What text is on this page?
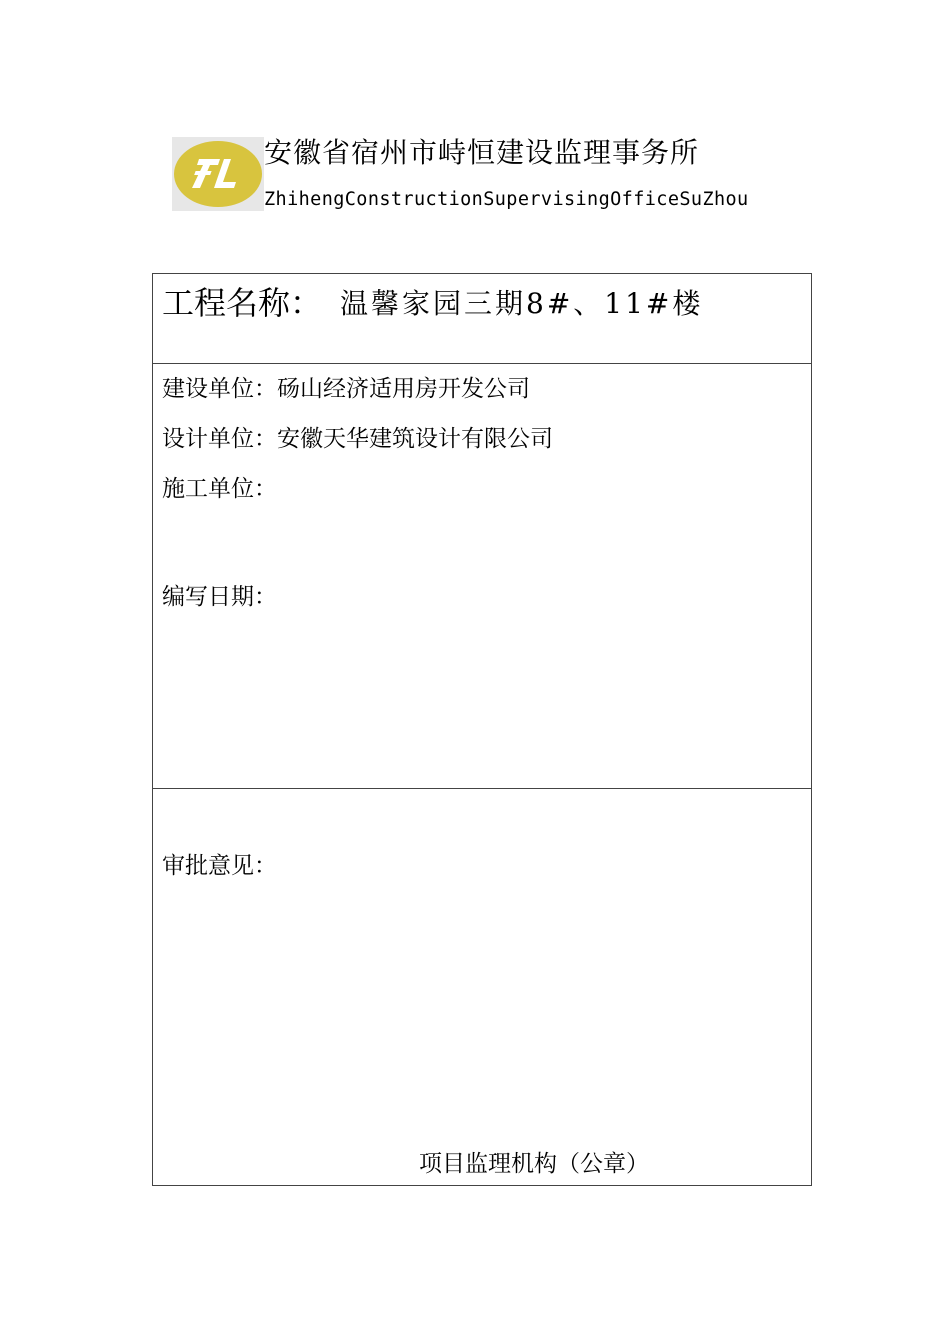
安徽省宿州市峙恒建设监理事务所
ZhihengConstructionSupervisingOfficeSuZhou
工程名称： 温馨家园三期8#、11#楼
建设单位：砀山经济适用房开发公司
设计单位：安徽天华建筑设计有限公司
施工单位：
编写日期：
审批意见：
项目监理机构（公章）
